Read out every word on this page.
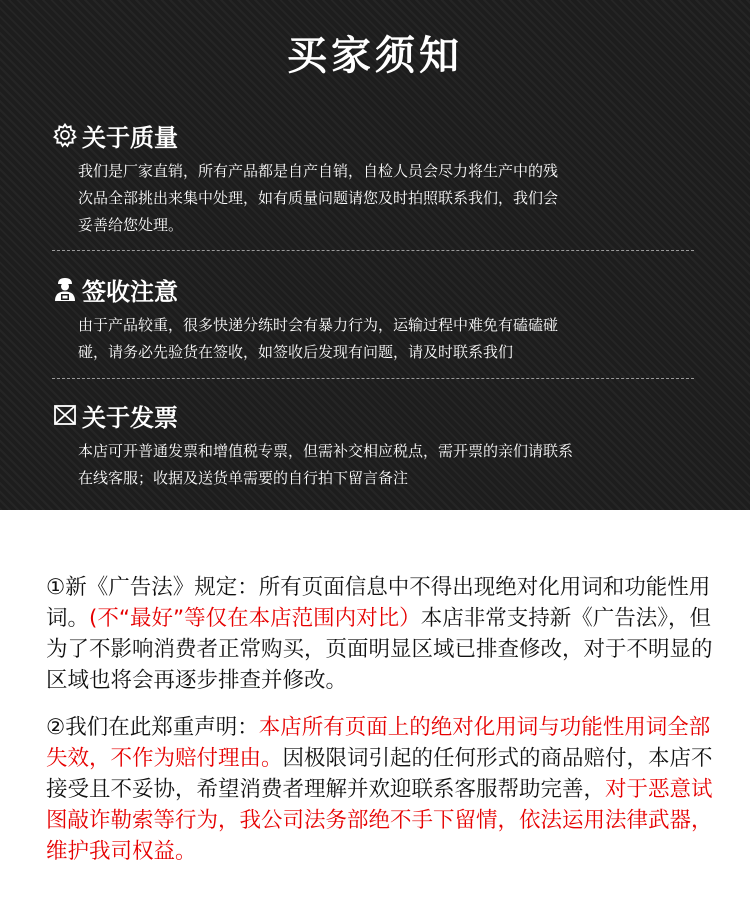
买家须知
关于质量
我们是厂家直销，所有产品都是自产自销，自检人员会尽力将生产中的残
次品全部挑出来集中处理，如有质量问题请您及时拍照联系我们，我们会
妥善给您处理。
签收注意
由于产品较重，很多快递分练时会有暴力行为，运输过程中难免有磕磕碰
碰，请务必先验货在签收，如签收后发现有问题，请及时联系我们
关于发票
本店可开普通发票和增值税专票，但需补交相应税点，需开票的亲们请联系
在线客服；收据及送货单需要的自行拍下留言备注
①新《广告法》规定：所有页面信息中不得出现绝对化用词和功能性用词。(不“最好”等仅在本店范围内对比）本店非常支持新《广告法》，但为了不影响消费者正常购买，页面明显区域已排查修改，对于不明显的区域也将会再逐步排查并修改。
②我们在此郑重声明：本店所有页面上的绝对化用词与功能性用词全部失效，不作为赔付理由。因极限词引起的任何形式的商品赔付，本店不接受且不妥协，希望消费者理解并欢迎联系客服帮助完善，对于恶意试图敲诈勒索等行为，我公司法务部绝不手下留情，依法运用法律武器，维护我司权益。
